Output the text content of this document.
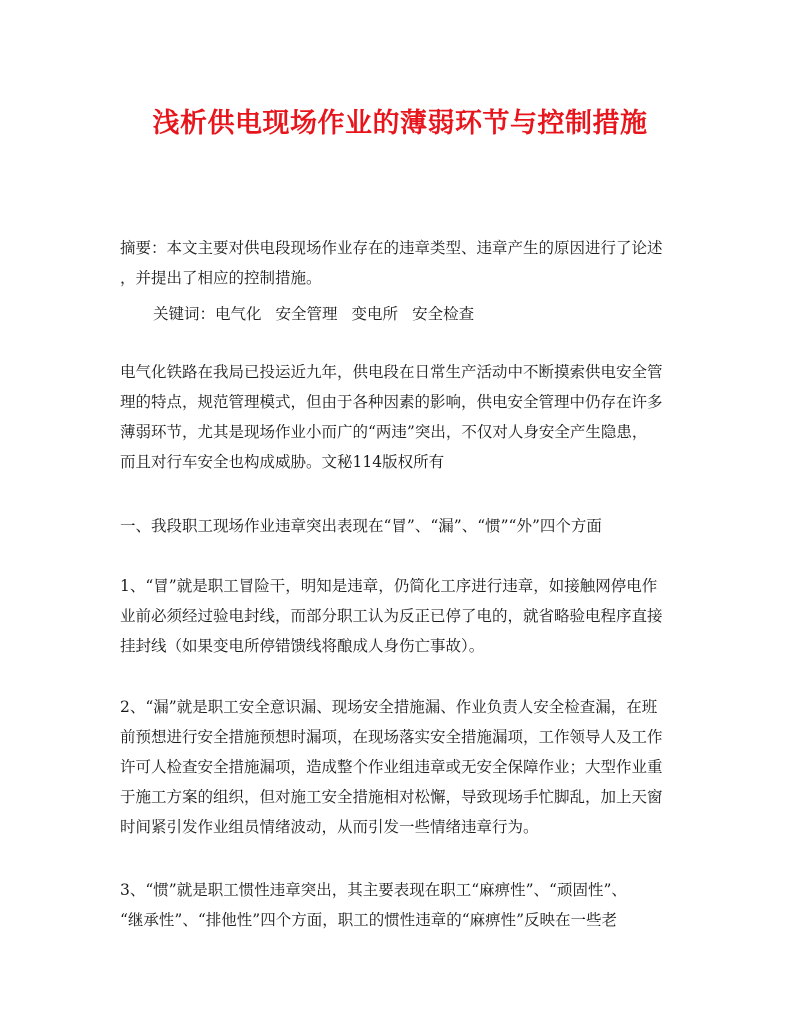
浅析供电现场作业的薄弱环节与控制措施

摘要：本文主要对供电段现场作业存在的违章类型、违章产生的原因进行了论述
，并提出了相应的控制措施。

关键词：电气化 安全管理 变电所 安全检查

电气化铁路在我局已投运近九年，供电段在日常生产活动中不断摸索供电安全管
理的特点，规范管理模式，但由于各种因素的影响，供电安全管理中仍存在许多
薄弱环节，尤其是现场作业小而广的“两违”突出，不仅对人身安全产生隐患，
而且对行车安全也构成威胁。文秘114版权所有

一、我段职工现场作业违章突出表现在“冒”、“漏”、“惯”“外”四个方面

1、“冒”就是职工冒险干，明知是违章，仍简化工序进行违章，如接触网停电作
业前必须经过验电封线，而部分职工认为反正已停了电的，就省略验电程序直接
挂封线（如果变电所停错馈线将酿成人身伤亡事故）。

2、“漏”就是职工安全意识漏、现场安全措施漏、作业负责人安全检查漏，在班
前预想进行安全措施预想时漏项，在现场落实安全措施漏项，工作领导人及工作
许可人检查安全措施漏项，造成整个作业组违章或无安全保障作业；大型作业重
于施工方案的组织，但对施工安全措施相对松懈，导致现场手忙脚乱，加上天窗
时间紧引发作业组员情绪波动，从而引发一些情绪违章行为。

3、“惯”就是职工惯性违章突出，其主要表现在职工“麻痹性”、“顽固性”、
“继承性”、“排他性”四个方面，职工的惯性违章的“麻痹性”反映在一些老
